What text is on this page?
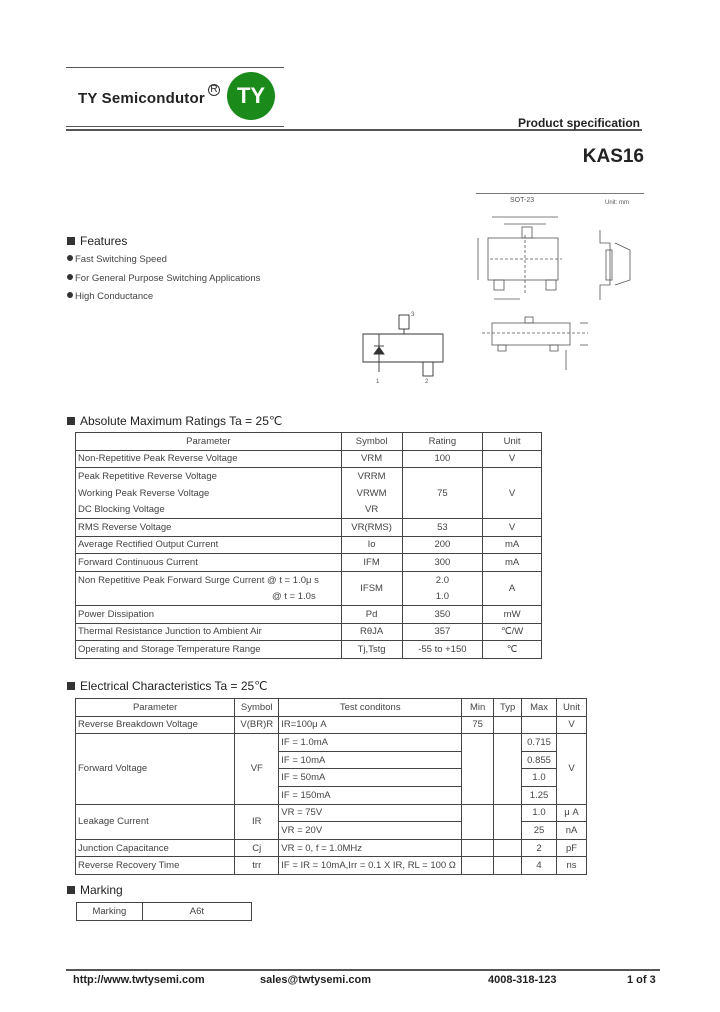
TY Semicondutor
R TY
Product specification
KAS16
SOT-23	Unit: mm
3
1	2
Features
Fast Switching Speed
For General Purpose Switching Applications
High Conductance
Absolute Maximum Ratings Ta = 25℃
Parameter	Symbol	Rating	Unit
Non-Repetitive Peak Reverse Voltage	VRM	100	V
Peak Repetitive Reverse Voltage	VRRM	75	V
Working Peak Reverse Voltage	VRWM		
DC Blocking Voltage	VR		
RMS Reverse Voltage	VR(RMS)	53	V
Average Rectified Output Current	Io	200	mA
Forward Continuous Current	IFM	300	mA
Non Repetitive Peak Forward Surge Current @ t = 1.0μ s	IFSM	2.0	A
@ t = 1.0s		1.0	
Power Dissipation	Pd	350	mW
Thermal Resistance Junction to Ambient Air	RθJA	357	℃/W
Operating and Storage Temperature Range	Tj,Tstg	-55 to +150	℃
Electrical Characteristics Ta = 25℃
Parameter	Symbol	Test conditons	Min	Typ	Max	Unit
Reverse Breakdown Voltage	V(BR)R	IR=100μ A	75			V
Forward Voltage	VF	IF = 1.0mA			0.715	V
		IF = 10mA			0.855	
		IF = 50mA			1.0	
		IF = 150mA			1.25	
Leakage Current	IR	VR = 75V			1.0	μ A
		VR = 20V			25	nA
Junction Capacitance	Cj	VR = 0, f = 1.0MHz			2	pF
Reverse Recovery Time	trr	IF = IR = 10mA,Irr = 0.1 X IR, RL = 100 Ω			4	ns
Marking
Marking	A6t
http://www.twtysemi.com	sales@twtysemi.com	4008-318-123	1 of 3
